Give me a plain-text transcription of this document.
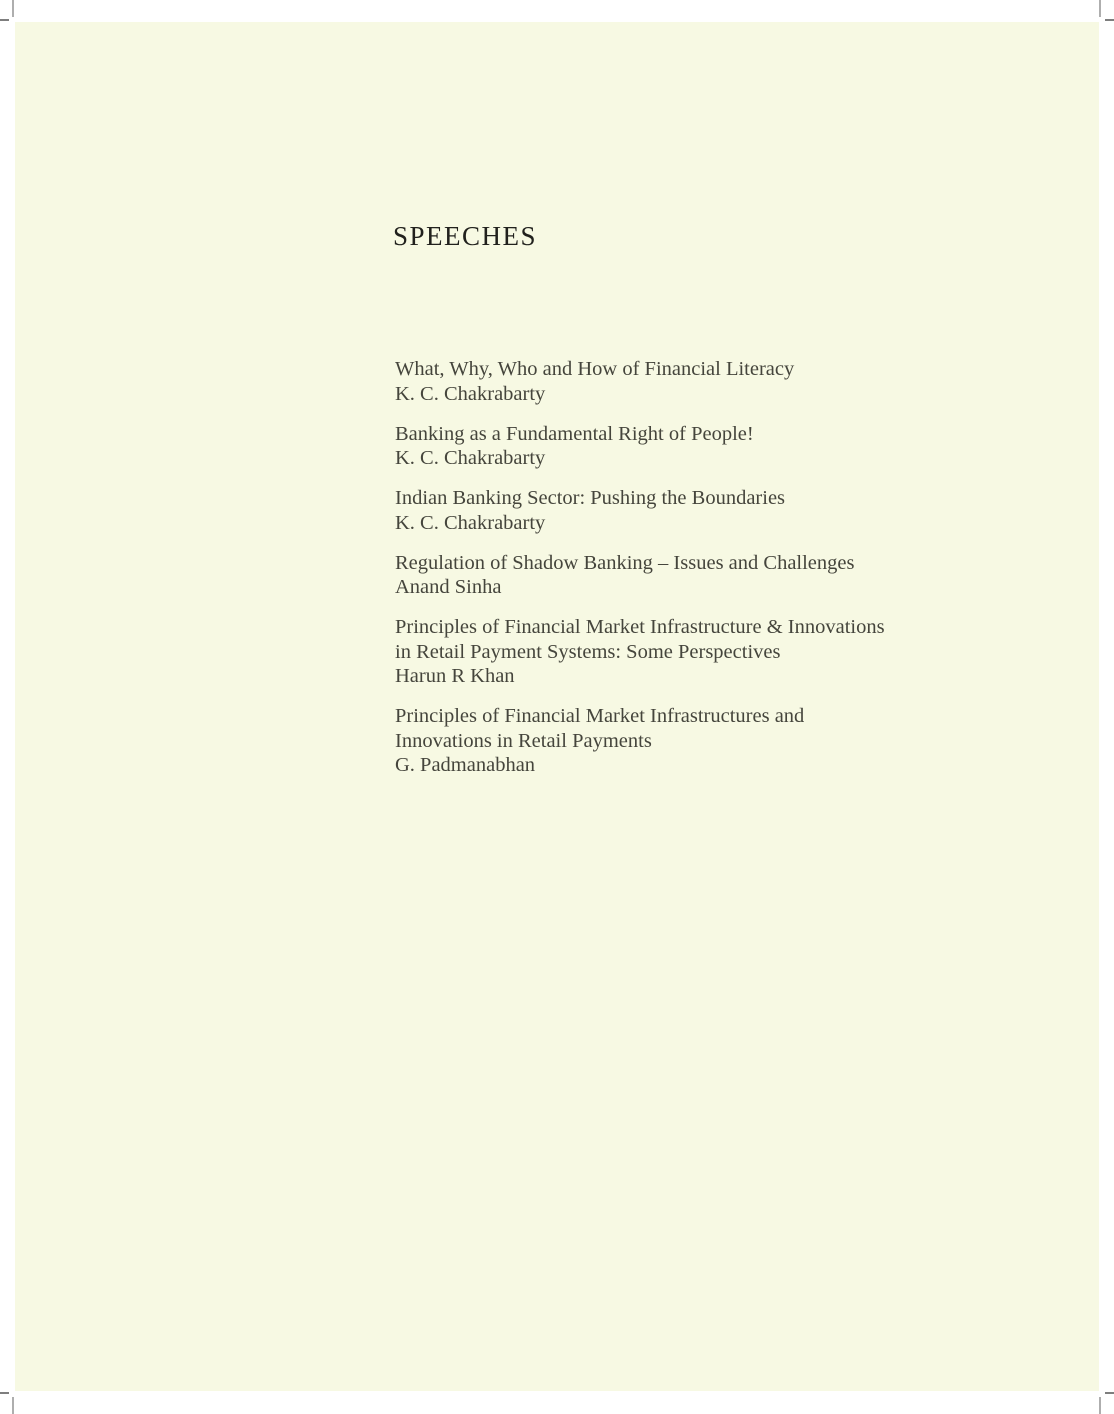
SPEECHES
What, Why, Who and How of Financial Literacy
K. C. Chakrabarty
Banking as a Fundamental Right of People!
K. C. Chakrabarty
Indian Banking Sector: Pushing the Boundaries
K. C. Chakrabarty
Regulation of Shadow Banking – Issues and Challenges
Anand Sinha
Principles of Financial Market Infrastructure & Innovations
in Retail Payment Systems: Some Perspectives
Harun R Khan
Principles of Financial Market Infrastructures and
Innovations in Retail Payments
G. Padmanabhan
